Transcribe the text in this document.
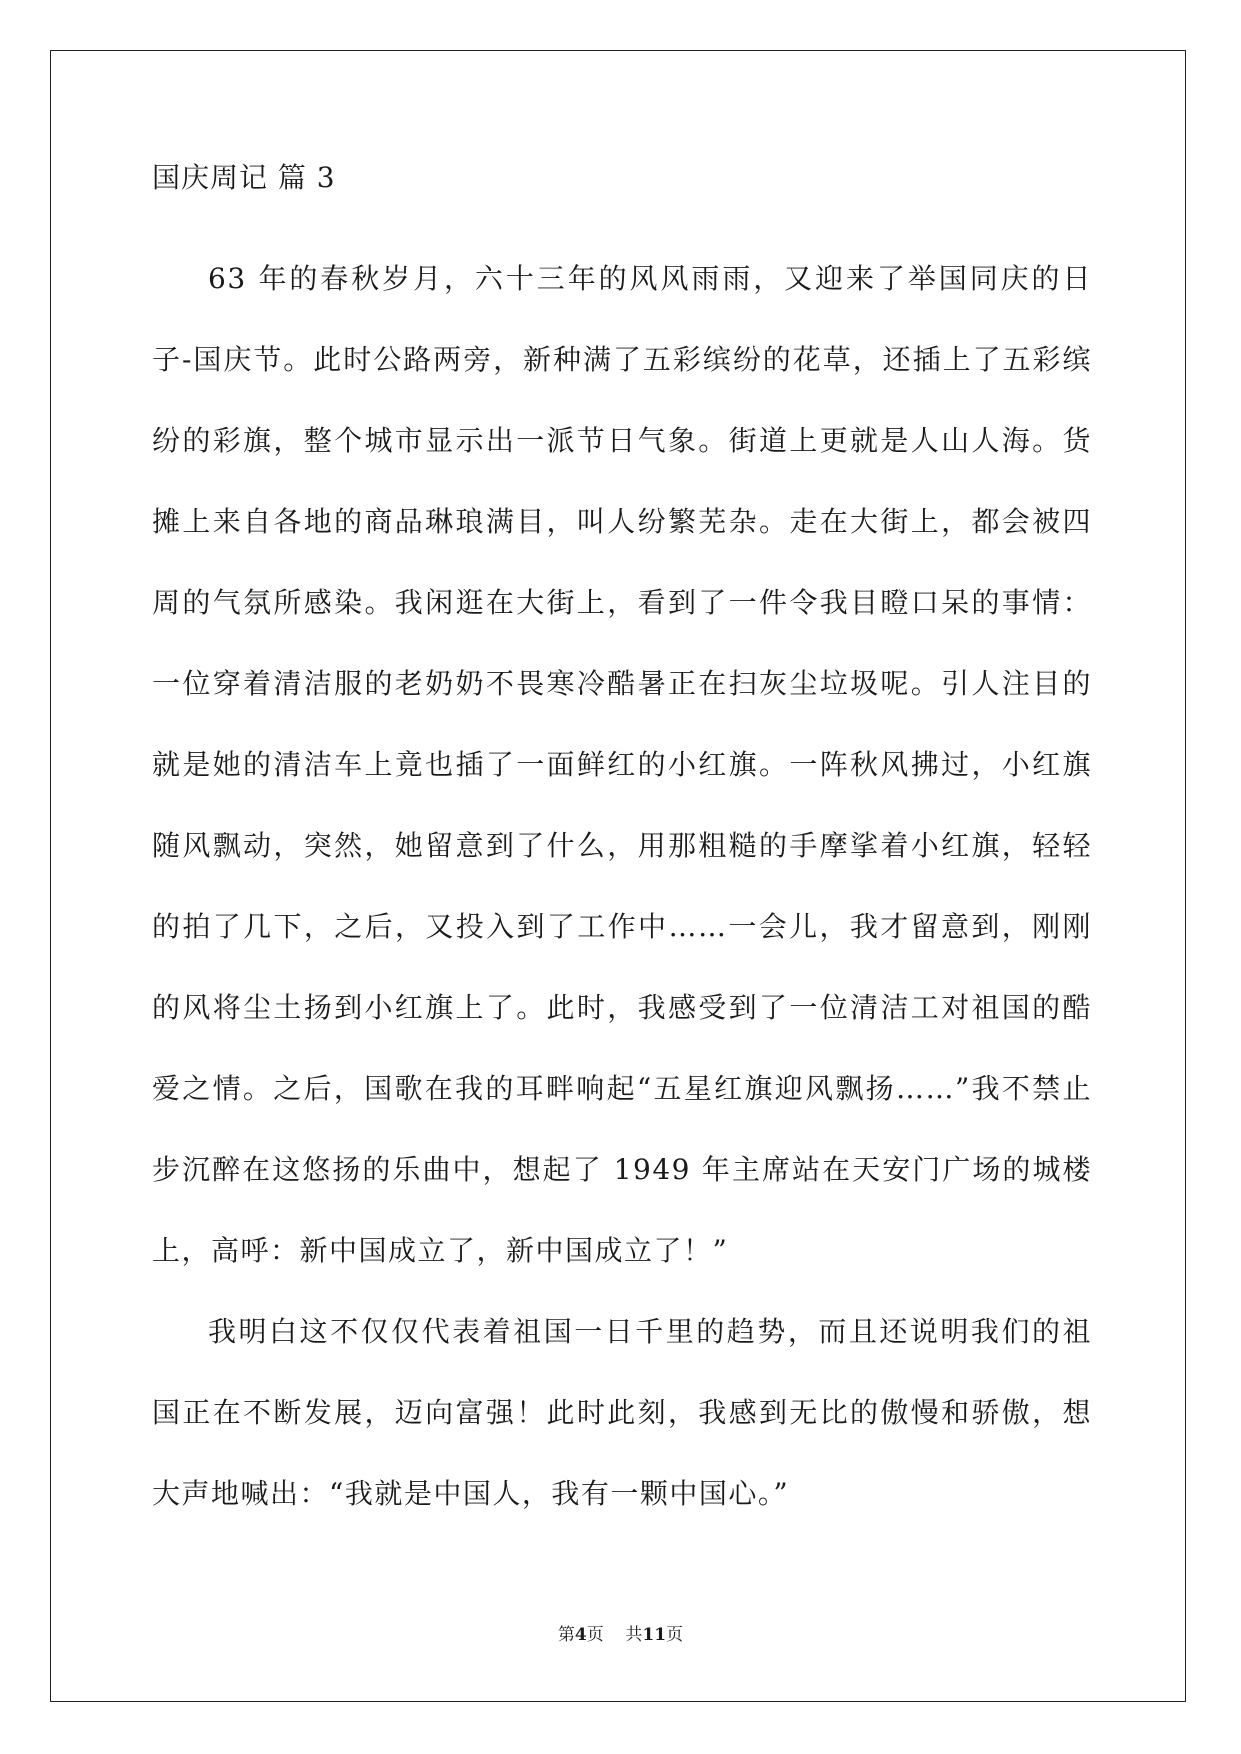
国庆周记 篇 3

63 年的春秋岁月，六十三年的风风雨雨，又迎来了举国同庆的日子-国庆节。此时公路两旁，新种满了五彩缤纷的花草，还插上了五彩缤纷的彩旗，整个城市显示出一派节日气象。街道上更就是人山人海。货摊上来自各地的商品琳琅满目，叫人纷繁芜杂。走在大街上，都会被四周的气氛所感染。我闲逛在大街上，看到了一件令我目瞪口呆的事情：一位穿着清洁服的老奶奶不畏寒冷酷暑正在扫灰尘垃圾呢。引人注目的就是她的清洁车上竟也插了一面鲜红的小红旗。一阵秋风拂过，小红旗随风飘动，突然，她留意到了什么，用那粗糙的手摩挲着小红旗，轻轻的拍了几下，之后，又投入到了工作中……一会儿，我才留意到，刚刚的风将尘土扬到小红旗上了。此时，我感受到了一位清洁工对祖国的酷爱之情。之后，国歌在我的耳畔响起“五星红旗迎风飘扬……”我不禁止步沉醉在这悠扬的乐曲中，想起了 1949 年主席站在天安门广场的城楼上，高呼：新中国成立了，新中国成立了！”

我明白这不仅仅代表着祖国一日千里的趋势，而且还说明我们的祖国正在不断发展，迈向富强！此时此刻，我感到无比的傲慢和骄傲，想大声地喊出：“我就是中国人，我有一颗中国心。”

第4页 共11页
